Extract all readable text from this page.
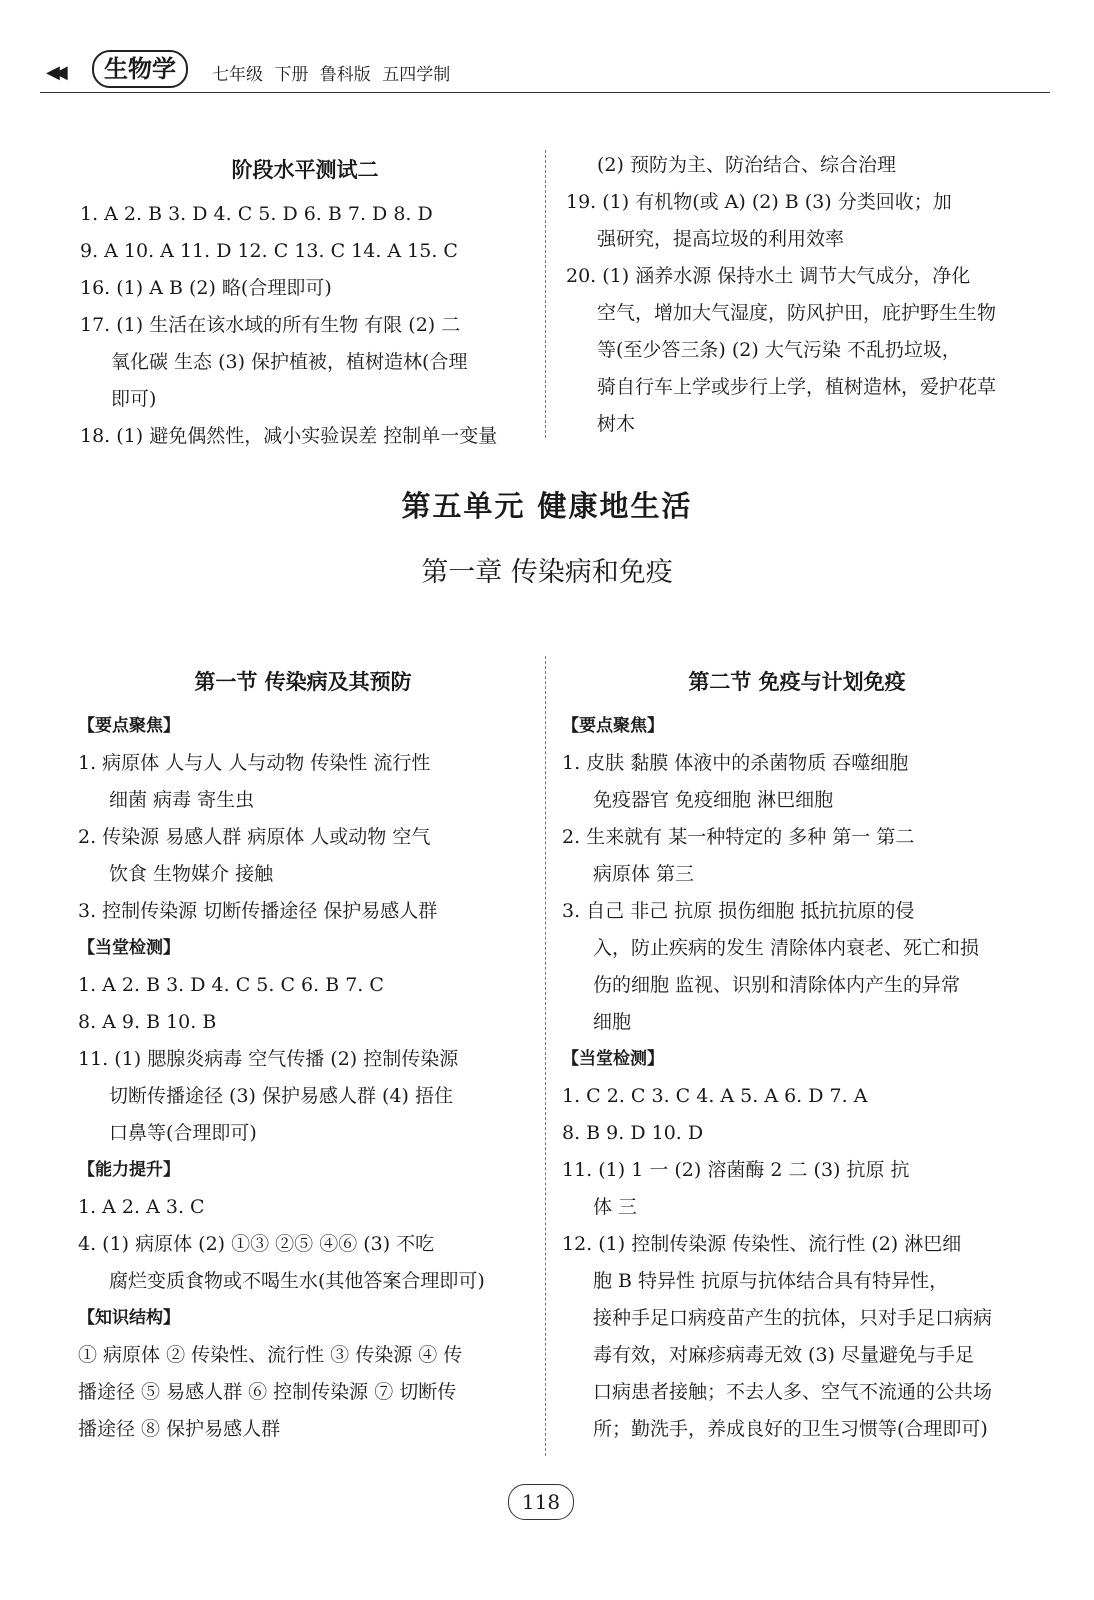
◀◀	生物学	七年级 下册 鲁科版 五四学制
阶段水平测试二
1. A 2. B 3. D 4. C 5. D 6. B 7. D 8. D
9. A 10. A 11. D 12. C 13. C 14. A 15. C
16. (1) A B (2) 略(合理即可)
17. (1) 生活在该水域的所有生物 有限 (2) 二
氧化碳 生态 (3) 保护植被，植树造林(合理
即可)
18. (1) 避免偶然性，减小实验误差 控制单一变量
(2) 预防为主、防治结合、综合治理
19. (1) 有机物(或 A) (2) B (3) 分类回收；加
强研究，提高垃圾的利用效率
20. (1) 涵养水源 保持水土 调节大气成分，净化
空气，增加大气湿度，防风护田，庇护野生生物
等(至少答三条) (2) 大气污染 不乱扔垃圾，
骑自行车上学或步行上学，植树造林，爱护花草
树木
第五单元 健康地生活
第一章 传染病和免疫
第一节 传染病及其预防
【要点聚焦】
1. 病原体 人与人 人与动物 传染性 流行性
细菌 病毒 寄生虫
2. 传染源 易感人群 病原体 人或动物 空气
饮食 生物媒介 接触
3. 控制传染源 切断传播途径 保护易感人群
【当堂检测】
1. A 2. B 3. D 4. C 5. C 6. B 7. C
8. A 9. B 10. B
11. (1) 腮腺炎病毒 空气传播 (2) 控制传染源
切断传播途径 (3) 保护易感人群 (4) 捂住
口鼻等(合理即可)
【能力提升】
1. A 2. A 3. C
4. (1) 病原体 (2) ①③ ②⑤ ④⑥ (3) 不吃
腐烂变质食物或不喝生水(其他答案合理即可)
【知识结构】
① 病原体 ② 传染性、流行性 ③ 传染源 ④ 传
播途径 ⑤ 易感人群 ⑥ 控制传染源 ⑦ 切断传
播途径 ⑧ 保护易感人群
第二节 免疫与计划免疫
【要点聚焦】
1. 皮肤 黏膜 体液中的杀菌物质 吞噬细胞
免疫器官 免疫细胞 淋巴细胞
2. 生来就有 某一种特定的 多种 第一 第二
病原体 第三
3. 自己 非己 抗原 损伤细胞 抵抗抗原的侵
入，防止疾病的发生 清除体内衰老、死亡和损
伤的细胞 监视、识别和清除体内产生的异常
细胞
【当堂检测】
1. C 2. C 3. C 4. A 5. A 6. D 7. A
8. B 9. D 10. D
11. (1) 1 一 (2) 溶菌酶 2 二 (3) 抗原 抗
体 三
12. (1) 控制传染源 传染性、流行性 (2) 淋巴细
胞 B 特异性 抗原与抗体结合具有特异性，
接种手足口病疫苗产生的抗体，只对手足口病病
毒有效，对麻疹病毒无效 (3) 尽量避免与手足
口病患者接触；不去人多、空气不流通的公共场
所；勤洗手，养成良好的卫生习惯等(合理即可)
118
